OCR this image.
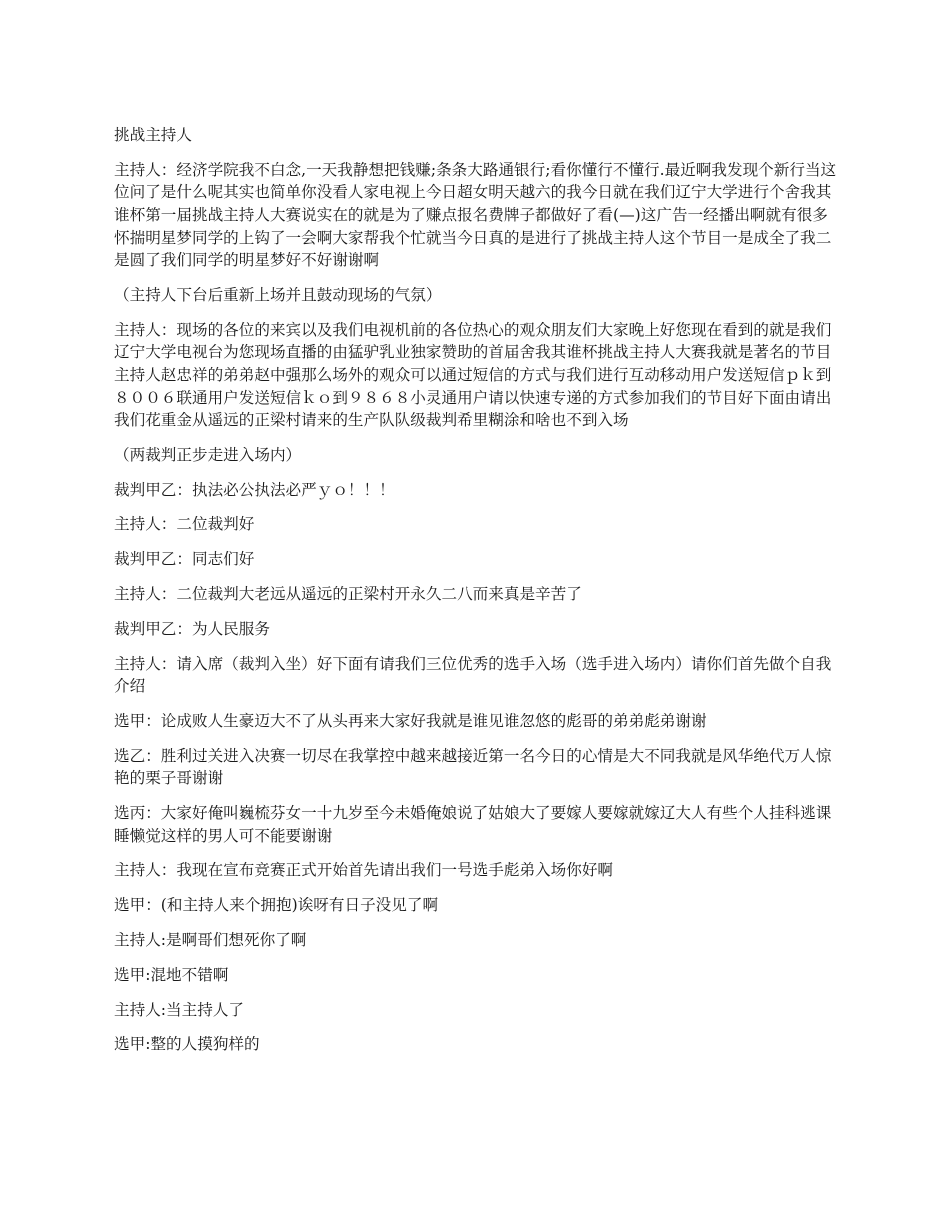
挑战主持人

主持人：经济学院我不白念,一天我静想把钱赚;条条大路通银行;看你懂行不懂行.最近啊我发现个新行当这位问了是什么呢其实也简单你没看人家电视上今日超女明天越六的我今日就在我们辽宁大学进行个舍我其谁杯第一届挑战主持人大赛说实在的就是为了赚点报名费牌子都做好了看(—)这广告一经播出啊就有很多怀揣明星梦同学的上钩了一会啊大家帮我个忙就当今日真的是进行了挑战主持人这个节目一是成全了我二是圆了我们同学的明星梦好不好谢谢啊

（主持人下台后重新上场并且鼓动现场的气氛）

主持人：现场的各位的来宾以及我们电视机前的各位热心的观众朋友们大家晚上好您现在看到的就是我们辽宁大学电视台为您现场直播的由猛驴乳业独家赞助的首届舍我其谁杯挑战主持人大赛我就是著名的节目主持人赵忠祥的弟弟赵中强那么场外的观众可以通过短信的方式与我们进行互动移动用户发送短信ｐｋ到８００６联通用户发送短信ｋｏ到９８６８小灵通用户请以快速专递的方式参加我们的节目好下面由请出我们花重金从遥远的正梁村请来的生产队队级裁判希里糊涂和啥也不到入场

（两裁判正步走进入场内）

裁判甲乙：执法必公执法必严ｙｏ！！！

主持人：二位裁判好

裁判甲乙：同志们好

主持人：二位裁判大老远从遥远的正梁村开永久二八而来真是辛苦了

裁判甲乙：为人民服务

主持人：请入席（裁判入坐）好下面有请我们三位优秀的选手入场（选手进入场内）请你们首先做个自我介绍

选甲：论成败人生豪迈大不了从头再来大家好我就是谁见谁忽悠的彪哥的弟弟彪弟谢谢

选乙：胜利过关进入决赛一切尽在我掌控中越来越接近第一名今日的心情是大不同我就是风华绝代万人惊艳的栗子哥谢谢

选丙：大家好俺叫巍梳芬女一十九岁至今未婚俺娘说了姑娘大了要嫁人要嫁就嫁辽大人有些个人挂科逃课睡懒觉这样的男人可不能要谢谢

主持人：我现在宣布竞赛正式开始首先请出我们一号选手彪弟入场你好啊

选甲：(和主持人来个拥抱)诶呀有日子没见了啊

主持人:是啊哥们想死你了啊

选甲:混地不错啊

主持人:当主持人了

选甲:整的人摸狗样的
